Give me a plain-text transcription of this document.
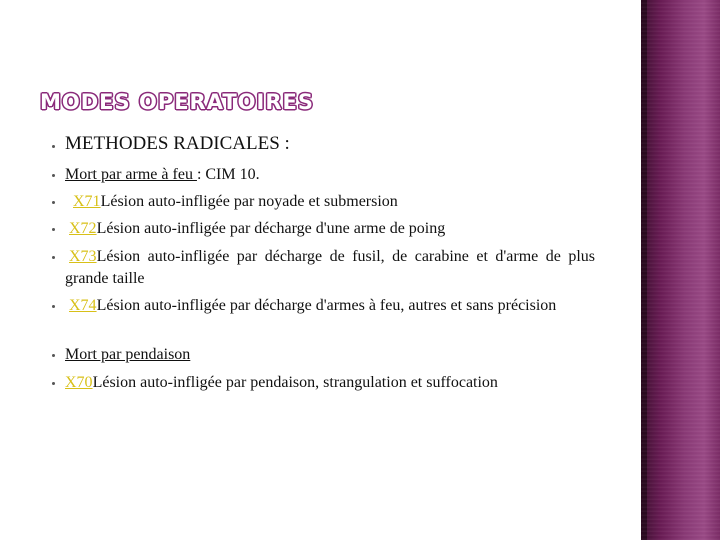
MODES OPERATOIRES
METHODES RADICALES :
Mort par arme à feu : CIM 10.
X71Lésion auto-infligée par noyade et submersion
X72Lésion auto-infligée par décharge d'une arme de poing
X73Lésion auto-infligée par décharge de fusil, de carabine et d'arme de plus grande taille
X74Lésion auto-infligée par décharge d'armes à feu, autres et sans précision
Mort par pendaison
X70Lésion auto-infligée par pendaison, strangulation et suffocation
